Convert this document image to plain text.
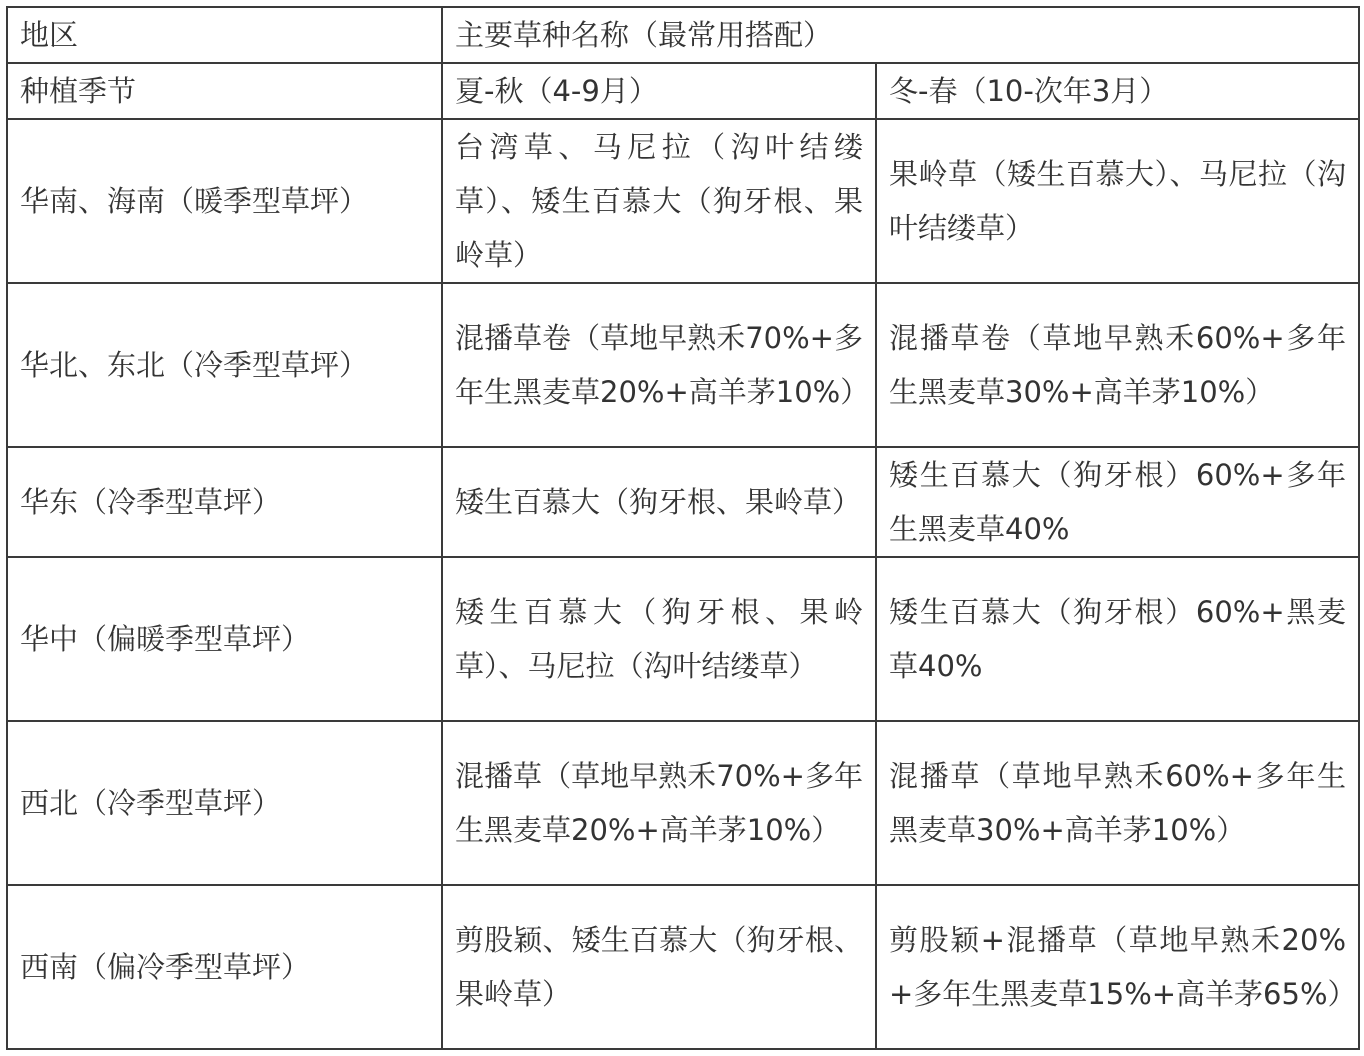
地区	主要草种名称（最常用搭配）	
种植季节	夏-秋（4-9月）	冬-春（10-次年3月）
华南、海南（暖季型草坪）	台湾草、马尼拉（沟叶结缕草）、矮生百慕大（狗牙根、果岭草）	果岭草（矮生百慕大）、马尼拉（沟叶结缕草）
华北、东北（冷季型草坪）	混播草卷（草地早熟禾70%+多年生黑麦草20%+高羊茅10%）	混播草卷（草地早熟禾60%+多年生黑麦草30%+高羊茅10%）
华东（冷季型草坪）	矮生百慕大（狗牙根、果岭草）	矮生百慕大（狗牙根）60%+多年生黑麦草40%
华中（偏暖季型草坪）	矮生百慕大（狗牙根、果岭草）、马尼拉（沟叶结缕草）	矮生百慕大（狗牙根）60%+黑麦草40%
西北（冷季型草坪）	混播草（草地早熟禾70%+多年生黑麦草20%+高羊茅10%）	混播草（草地早熟禾60%+多年生黑麦草30%+高羊茅10%）
西南（偏冷季型草坪）	剪股颖、矮生百慕大（狗牙根、果岭草）	剪股颖+混播草（草地早熟禾20%+多年生黑麦草15%+高羊茅65%）
